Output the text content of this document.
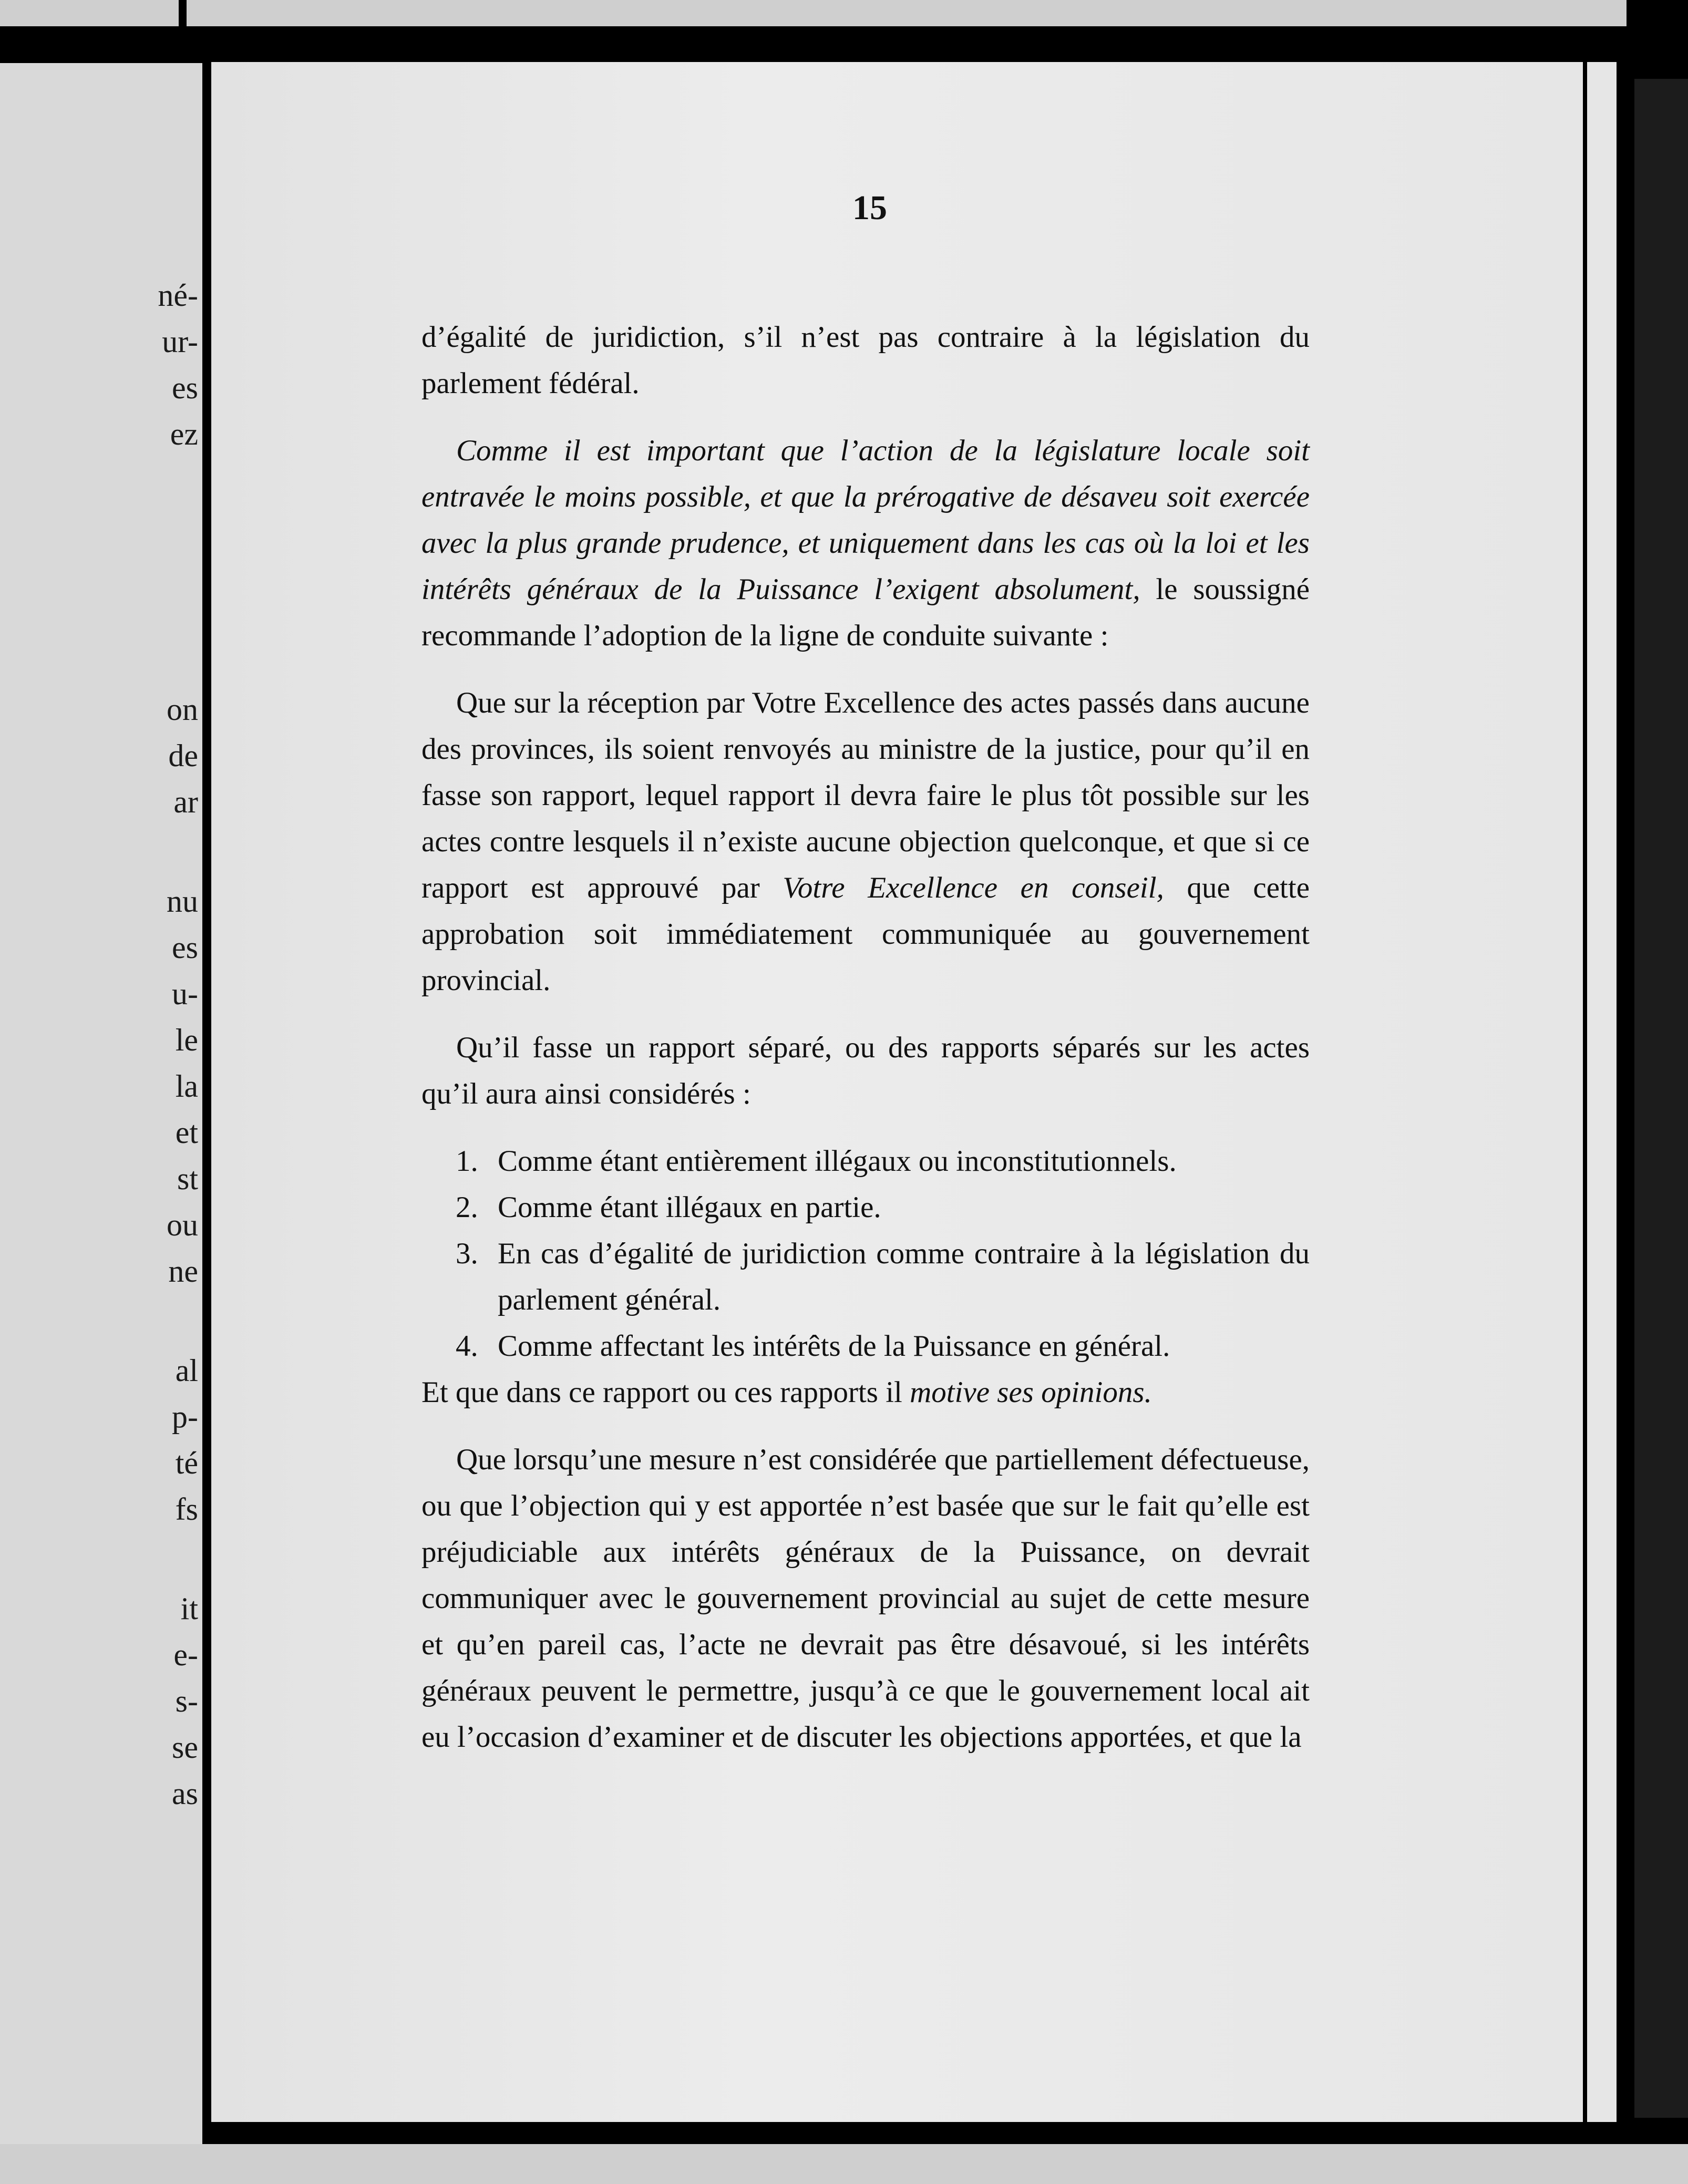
né-
ur-
es
ez
on
de
ar
nu
es
u-
le
la
et
st
ou
ne
al
p-
té
fs
it
e-
s-
se
as
15

d’égalité de juridiction, s’il n’est pas contraire à la législation du parlement fédéral.

Comme il est important que l’action de la législature locale soit entravée le moins possible, et que la prérogative de désaveu soit exercée avec la plus grande prudence, et uniquement dans les cas où la loi et les intérêts généraux de la Puissance l’exigent absolument, le soussigné recommande l’adoption de la ligne de conduite suivante :

Que sur la réception par Votre Excellence des actes passés dans aucune des provinces, ils soient renvoyés au ministre de la justice, pour qu’il en fasse son rapport, lequel rapport il devra faire le plus tôt possible sur les actes contre lesquels il n’existe aucune objection quelconque, et que si ce rapport est approuvé par Votre Excellence en conseil, que cette approbation soit immédiatement communiquée au gouvernement provincial.

Qu’il fasse un rapport séparé, ou des rapports séparés sur les actes qu’il aura ainsi considérés :

1. Comme étant entièrement illégaux ou inconstitutionnels.

2. Comme étant illégaux en partie.

3. En cas d’égalité de juridiction comme contraire à la législation du parlement général.

4. Comme affectant les intérêts de la Puissance en général.

Et que dans ce rapport ou ces rapports il motive ses opinions.

Que lorsqu’une mesure n’est considérée que partiellement défectueuse, ou que l’objection qui y est apportée n’est basée que sur le fait qu’elle est préjudiciable aux intérêts généraux de la Puissance, on devrait communiquer avec le gouvernement provincial au sujet de cette mesure et qu’en pareil cas, l’acte ne devrait pas être désavoué, si les intérêts généraux peuvent le permettre, jusqu’à ce que le gouvernement local ait eu l’occasion d’examiner et de discuter les objections apportées, et que la
